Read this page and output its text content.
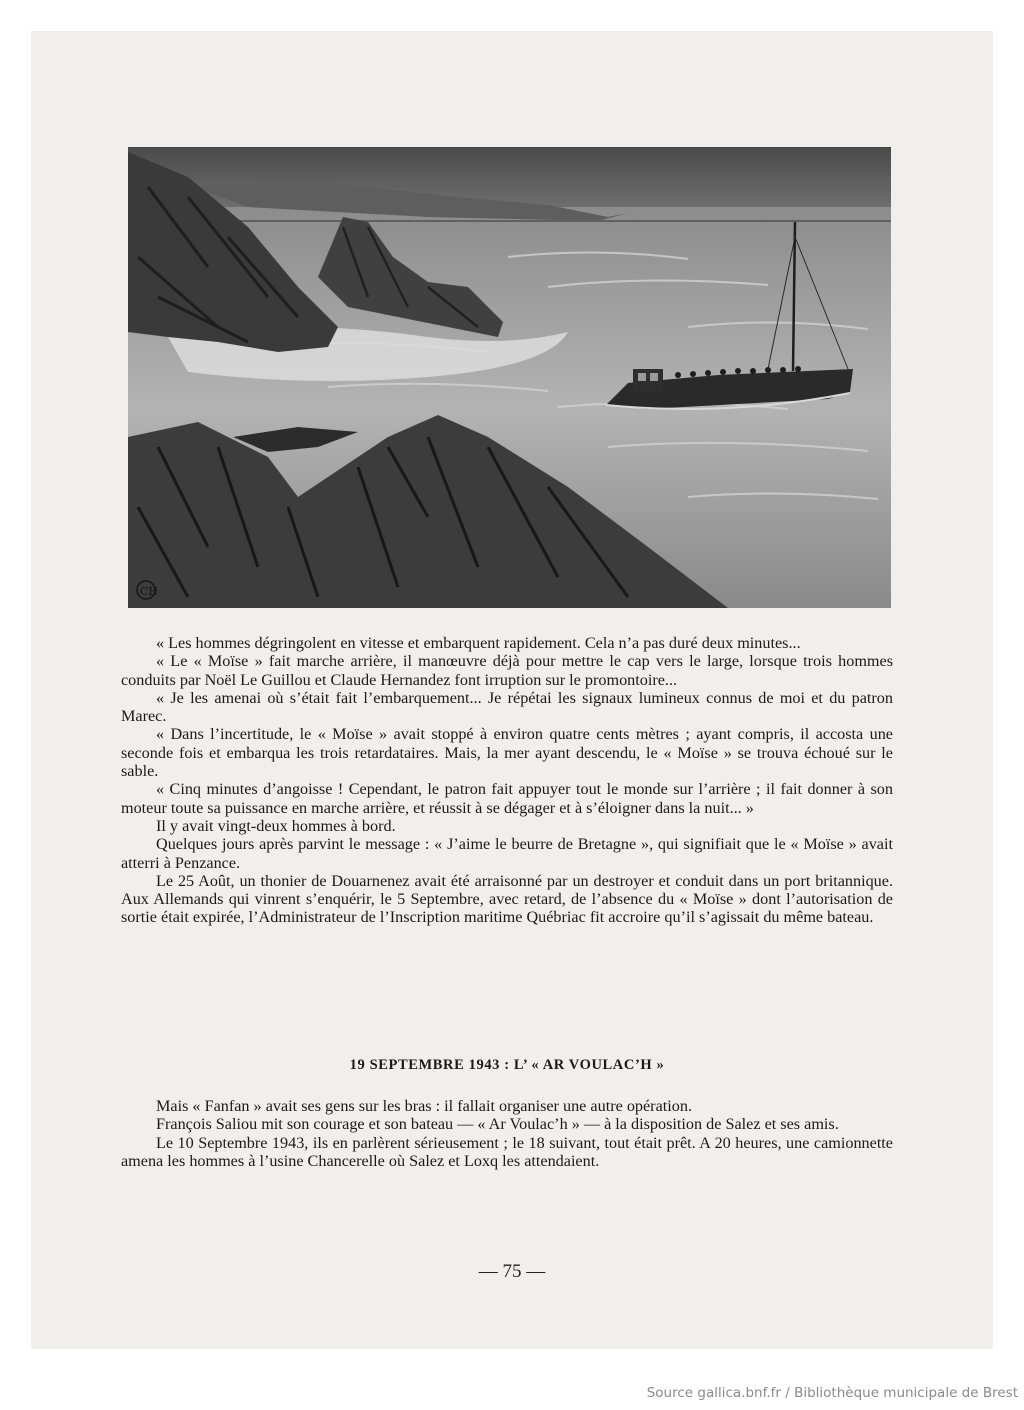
CH

« Les hommes dégringolent en vitesse et embarquent rapidement. Cela n’a pas duré deux minutes...

« Le « Moïse » fait marche arrière, il manœuvre déjà pour mettre le cap vers le large, lorsque trois hommes conduits par Noël Le Guillou et Claude Hernandez font irruption sur le promontoire...

« Je les amenai où s’était fait l’embarquement... Je répétai les signaux lumineux connus de moi et du patron Marec.

« Dans l’incertitude, le « Moïse » avait stoppé à environ quatre cents mètres ; ayant compris, il accosta une seconde fois et embarqua les trois retardataires. Mais, la mer ayant descendu, le « Moïse » se trouva échoué sur le sable.

« Cinq minutes d’angoisse ! Cependant, le patron fait appuyer tout le monde sur l’arrière ; il fait donner à son moteur toute sa puissance en marche arrière, et réussit à se dégager et à s’éloigner dans la nuit... »

Il y avait vingt-deux hommes à bord.

Quelques jours après parvint le message : « J’aime le beurre de Bretagne », qui signifiait que le « Moïse » avait atterri à Penzance.

Le 25 Août, un thonier de Douarnenez avait été arraisonné par un destroyer et conduit dans un port britannique. Aux Allemands qui vinrent s’enquérir, le 5 Septembre, avec retard, de l’absence du « Moïse » dont l’autorisation de sortie était expirée, l’Administrateur de l’Inscription maritime Québriac fit accroire qu’il s’agissait du même bateau.

19 SEPTEMBRE 1943 : L’ « AR VOULAC’H »

Mais « Fanfan » avait ses gens sur les bras : il fallait organiser une autre opération.

François Saliou mit son courage et son bateau — « Ar Voulac’h » — à la disposition de Salez et ses amis.

Le 10 Septembre 1943, ils en parlèrent sérieusement ; le 18 suivant, tout était prêt. A 20 heures, une camionnette amena les hommes à l’usine Chancerelle où Salez et Loxq les attendaient.

— 75 —
Source gallica.bnf.fr / Bibliothèque municipale de Brest
